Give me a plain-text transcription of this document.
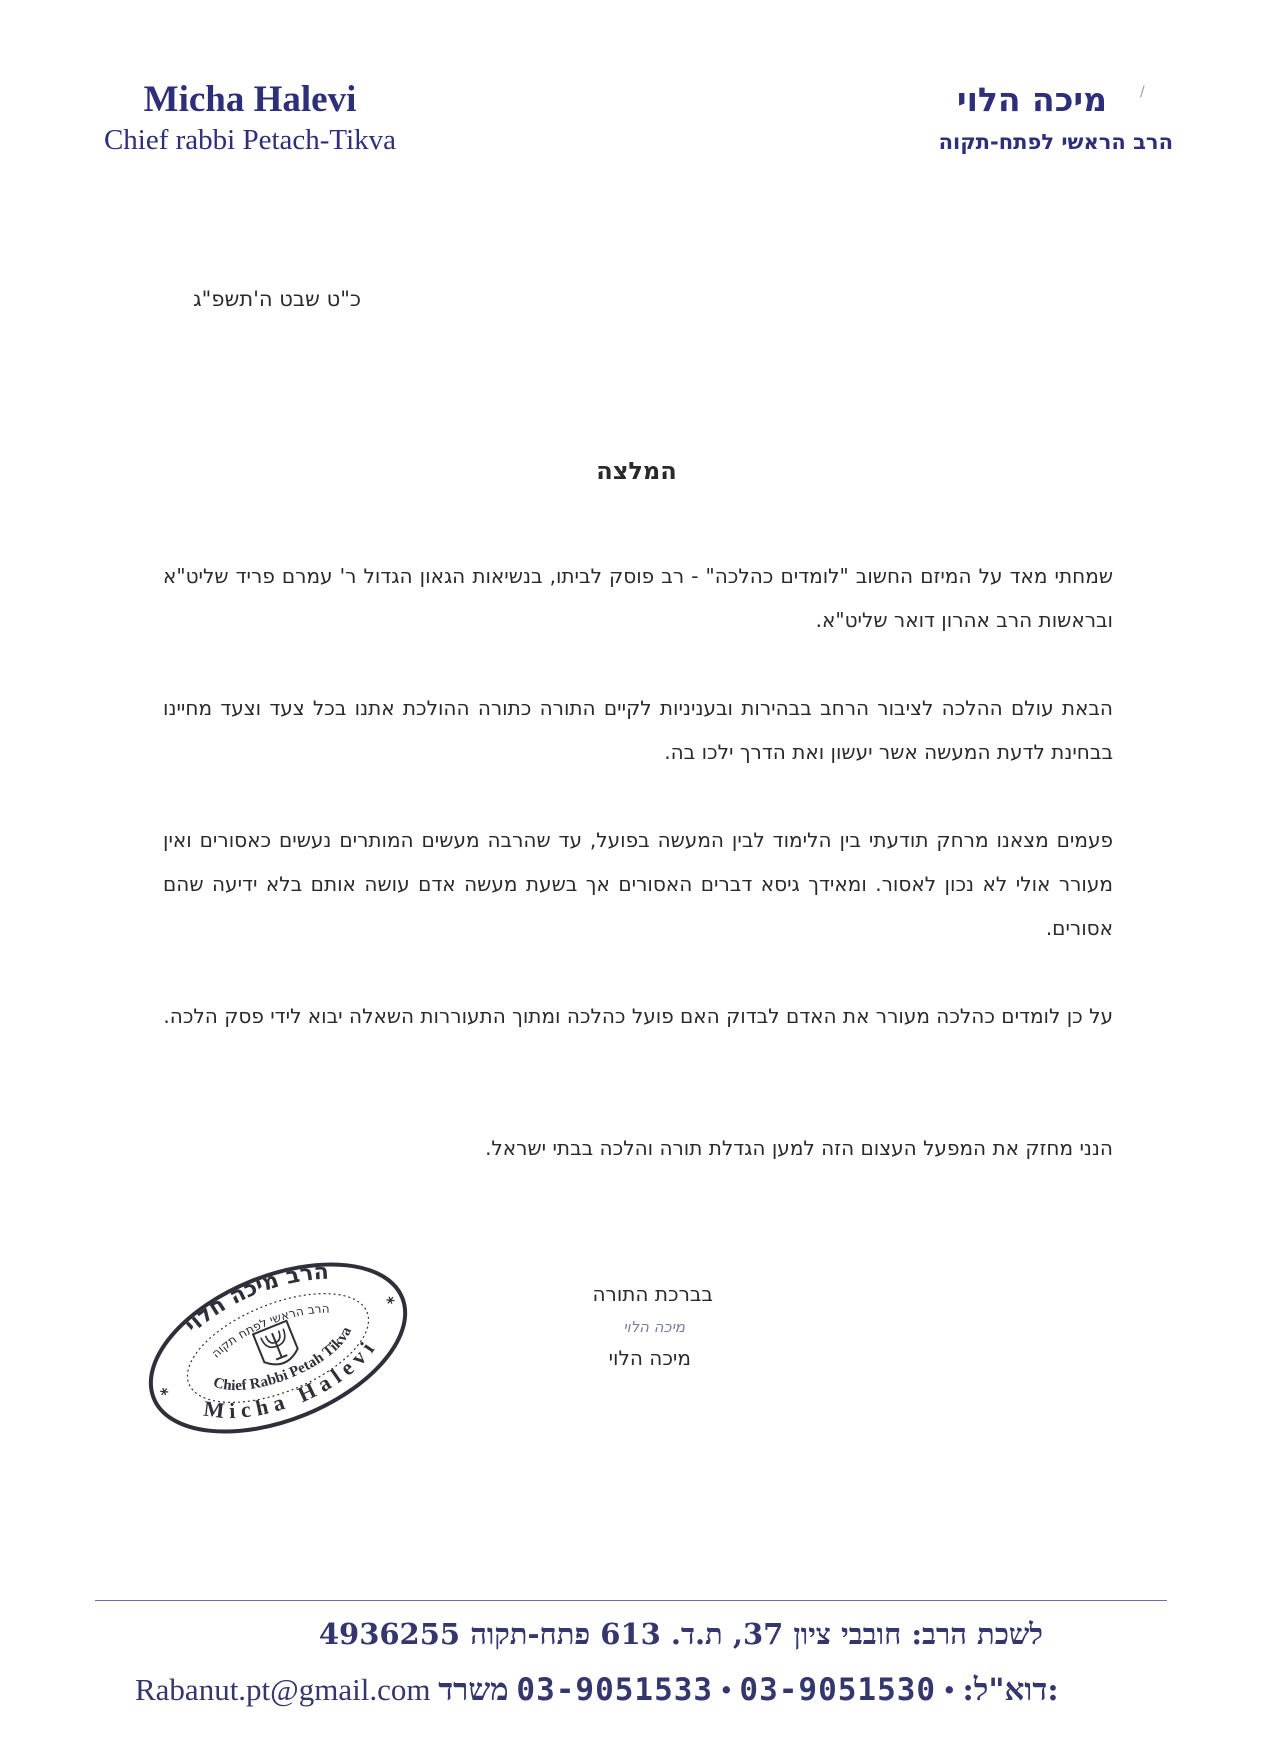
Micha Halevi
Chief rabbi Petach-Tikva
מיכה הלוי
הרב הראשי לפתח-תקוה
/
כ"ט שבט ה'תשפ"ג
המלצה
שמחתי מאד על המיזם החשוב "לומדים כהלכה" - רב פוסק לביתו, בנשיאות הגאון הגדול ר' עמרם פריד שליט"א ובראשות הרב אהרון דואר שליט"א.
הבאת עולם ההלכה לציבור הרחב בבהירות ובעניניות לקיים התורה כתורה ההולכת אתנו בכל צעד וצעד מחיינו בבחינת לדעת המעשה אשר יעשון ואת הדרך ילכו בה.
פעמים מצאנו מרחק תודעתי בין הלימוד לבין המעשה בפועל, עד שהרבה מעשים המותרים נעשים כאסורים ואין מעורר אולי לא נכון לאסור. ומאידך גיסא דברים האסורים אך בשעת מעשה אדם עושה אותם בלא ידיעה שהם אסורים.
על כן לומדים כהלכה מעורר את האדם לבדוק האם פועל כהלכה ומתוך התעוררות השאלה יבוא לידי פסק הלכה.
הנני מחזק את המפעל העצום הזה למען הגדלת תורה והלכה בבתי ישראל.
בברכת התורה
מיכה הלוי
מיכה הלוי
הרב מיכה חלוי
הרב הראשי לפתח תקוה
Chief Rabbi Petah Tikva
Micha Halevi
*
*
לשכת הרב: חובבי ציון 37, ת.ד. 613 פתח-תקוה 4936255
Rabanut.pt@gmail.com	דוא"ל: • 03-9051530 • 03-9051533 משרד:
